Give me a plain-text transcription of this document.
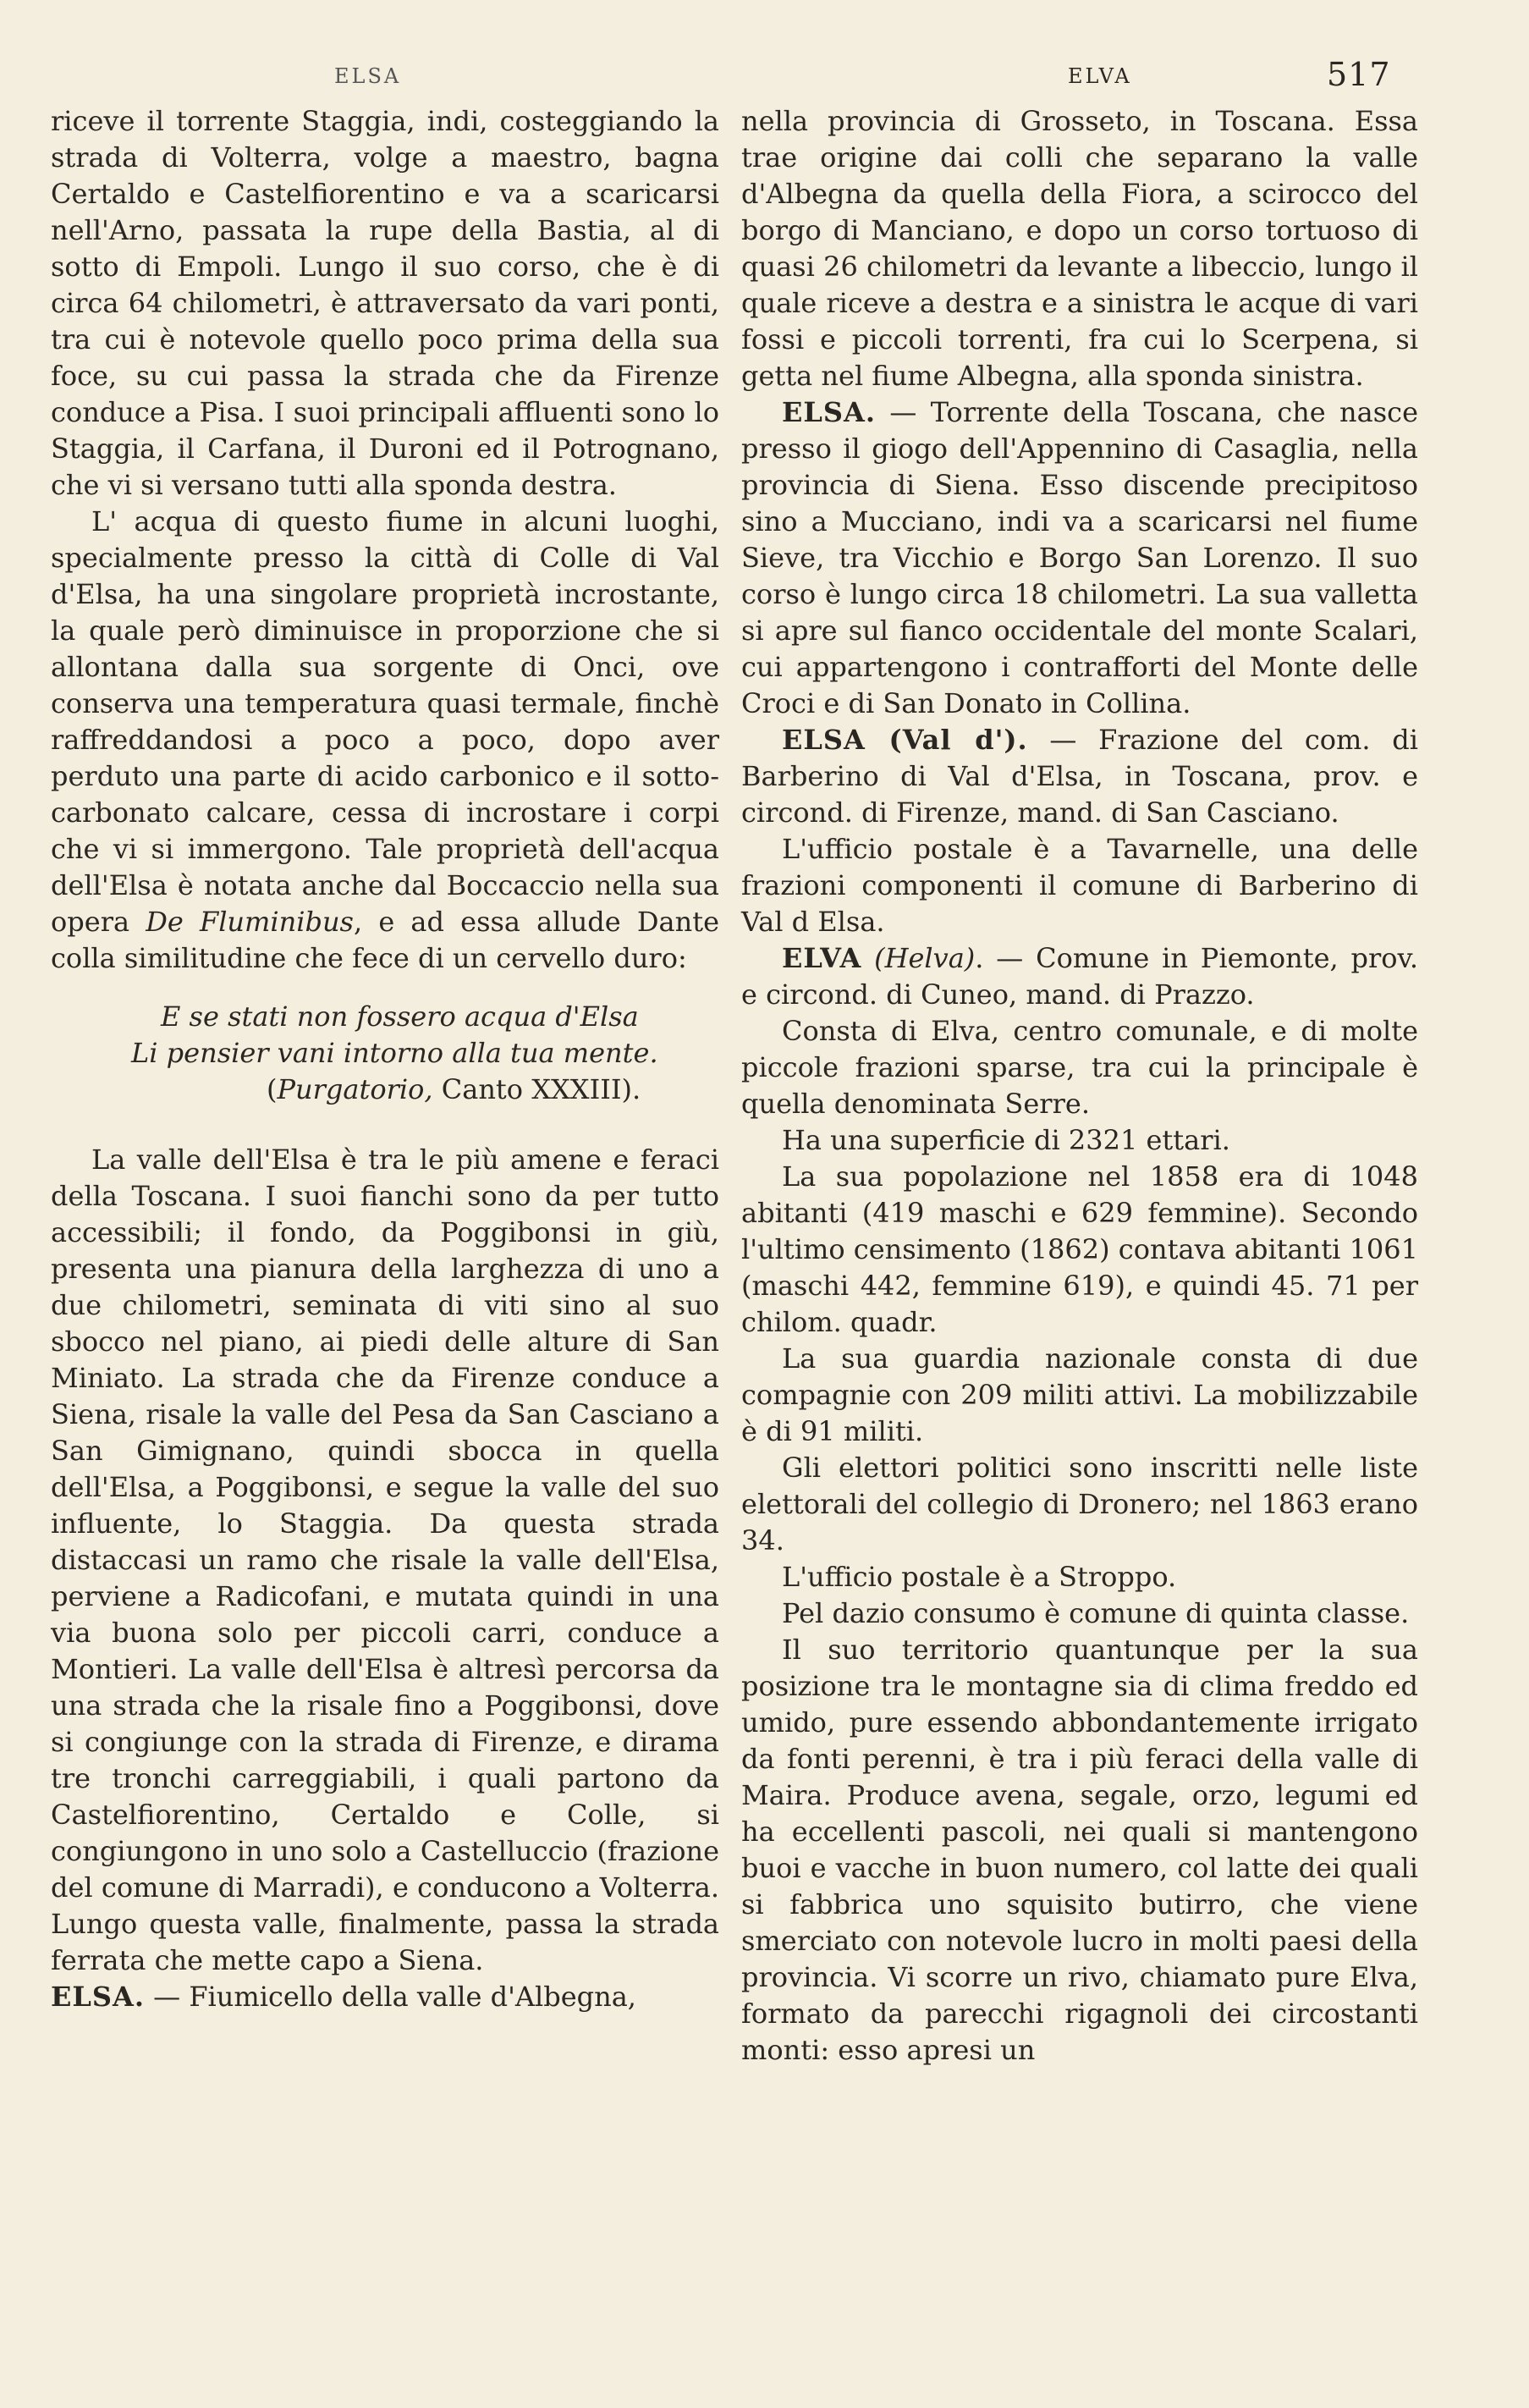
ELSA	ELVA	517

riceve il torrente Staggia, indi, costeggiando la strada di Volterra, volge a maestro, bagna Certaldo e Castelfiorentino e va a scaricarsi nell'Arno, passata la rupe della Bastia, al di sotto di Empoli. Lungo il suo corso, che è di circa 64 chilometri, è attraversato da vari ponti, tra cui è notevole quello poco prima della sua foce, su cui passa la strada che da Firenze conduce a Pisa. I suoi principali affluenti sono lo Staggia, il Carfana, il Duroni ed il Potrognano, che vi si versano tutti alla sponda destra.

L' acqua di questo fiume in alcuni luoghi, specialmente presso la città di Colle di Val d'Elsa, ha una singolare proprietà incrostante, la quale però diminuisce in proporzione che si allontana dalla sua sorgente di Onci, ove conserva una temperatura quasi termale, finchè raffreddandosi a poco a poco, dopo aver perduto una parte di acido carbonico e il sotto-carbonato calcare, cessa di incrostare i corpi che vi si immergono. Tale proprietà dell'acqua dell'Elsa è notata anche dal Boccaccio nella sua opera De Fluminibus, e ad essa allude Dante colla similitudine che fece di un cervello duro:

E se stati non fossero acqua d'Elsa
Li pensier vani intorno alla tua mente.
(Purgatorio, Canto XXXIII).

La valle dell'Elsa è tra le più amene e feraci della Toscana. I suoi fianchi sono da per tutto accessibili; il fondo, da Poggibonsi in giù, presenta una pianura della larghezza di uno a due chilometri, seminata di viti sino al suo sbocco nel piano, ai piedi delle alture di San Miniato. La strada che da Firenze conduce a Siena, risale la valle del Pesa da San Casciano a San Gimignano, quindi sbocca in quella dell'Elsa, a Poggibonsi, e segue la valle del suo influente, lo Staggia. Da questa strada distaccasi un ramo che risale la valle dell'Elsa, perviene a Radicofani, e mutata quindi in una via buona solo per piccoli carri, conduce a Montieri. La valle dell'Elsa è altresì percorsa da una strada che la risale fino a Poggibonsi, dove si congiunge con la strada di Firenze, e dirama tre tronchi carreggiabili, i quali partono da Castelfiorentino, Certaldo e Colle, si congiungono in uno solo a Castelluccio (frazione del comune di Marradi), e conducono a Volterra. Lungo questa valle, finalmente, passa la strada ferrata che mette capo a Siena.

ELSA. — Fiumicello della valle d'Albegna,

nella provincia di Grosseto, in Toscana. Essa trae origine dai colli che separano la valle d'Albegna da quella della Fiora, a scirocco del borgo di Manciano, e dopo un corso tortuoso di quasi 26 chilometri da levante a libeccio, lungo il quale riceve a destra e a sinistra le acque di vari fossi e piccoli torrenti, fra cui lo Scerpena, si getta nel fiume Albegna, alla sponda sinistra.

ELSA. — Torrente della Toscana, che nasce presso il giogo dell'Appennino di Casaglia, nella provincia di Siena. Esso discende precipitoso sino a Mucciano, indi va a scaricarsi nel fiume Sieve, tra Vicchio e Borgo San Lorenzo. Il suo corso è lungo circa 18 chilometri. La sua valletta si apre sul fianco occidentale del monte Scalari, cui appartengono i contrafforti del Monte delle Croci e di San Donato in Collina.

ELSA (Val d'). — Frazione del com. di Barberino di Val d'Elsa, in Toscana, prov. e circond. di Firenze, mand. di San Casciano.

L'ufficio postale è a Tavarnelle, una delle frazioni componenti il comune di Barberino di Val d Elsa.

ELVA (Helva). — Comune in Piemonte, prov. e circond. di Cuneo, mand. di Prazzo.

Consta di Elva, centro comunale, e di molte piccole frazioni sparse, tra cui la principale è quella denominata Serre.

Ha una superficie di 2321 ettari.

La sua popolazione nel 1858 era di 1048 abitanti (419 maschi e 629 femmine). Secondo l'ultimo censimento (1862) contava abitanti 1061 (maschi 442, femmine 619), e quindi 45. 71 per chilom. quadr.

La sua guardia nazionale consta di due compagnie con 209 militi attivi. La mobilizzabile è di 91 militi.

Gli elettori politici sono inscritti nelle liste elettorali del collegio di Dronero; nel 1863 erano 34.

L'ufficio postale è a Stroppo.

Pel dazio consumo è comune di quinta classe.

Il suo territorio quantunque per la sua posizione tra le montagne sia di clima freddo ed umido, pure essendo abbondantemente irrigato da fonti perenni, è tra i più feraci della valle di Maira. Produce avena, segale, orzo, legumi ed ha eccellenti pascoli, nei quali si mantengono buoi e vacche in buon numero, col latte dei quali si fabbrica uno squisito butirro, che viene smerciato con notevole lucro in molti paesi della provincia. Vi scorre un rivo, chiamato pure Elva, formato da parecchi rigagnoli dei circostanti monti: esso apresi un
